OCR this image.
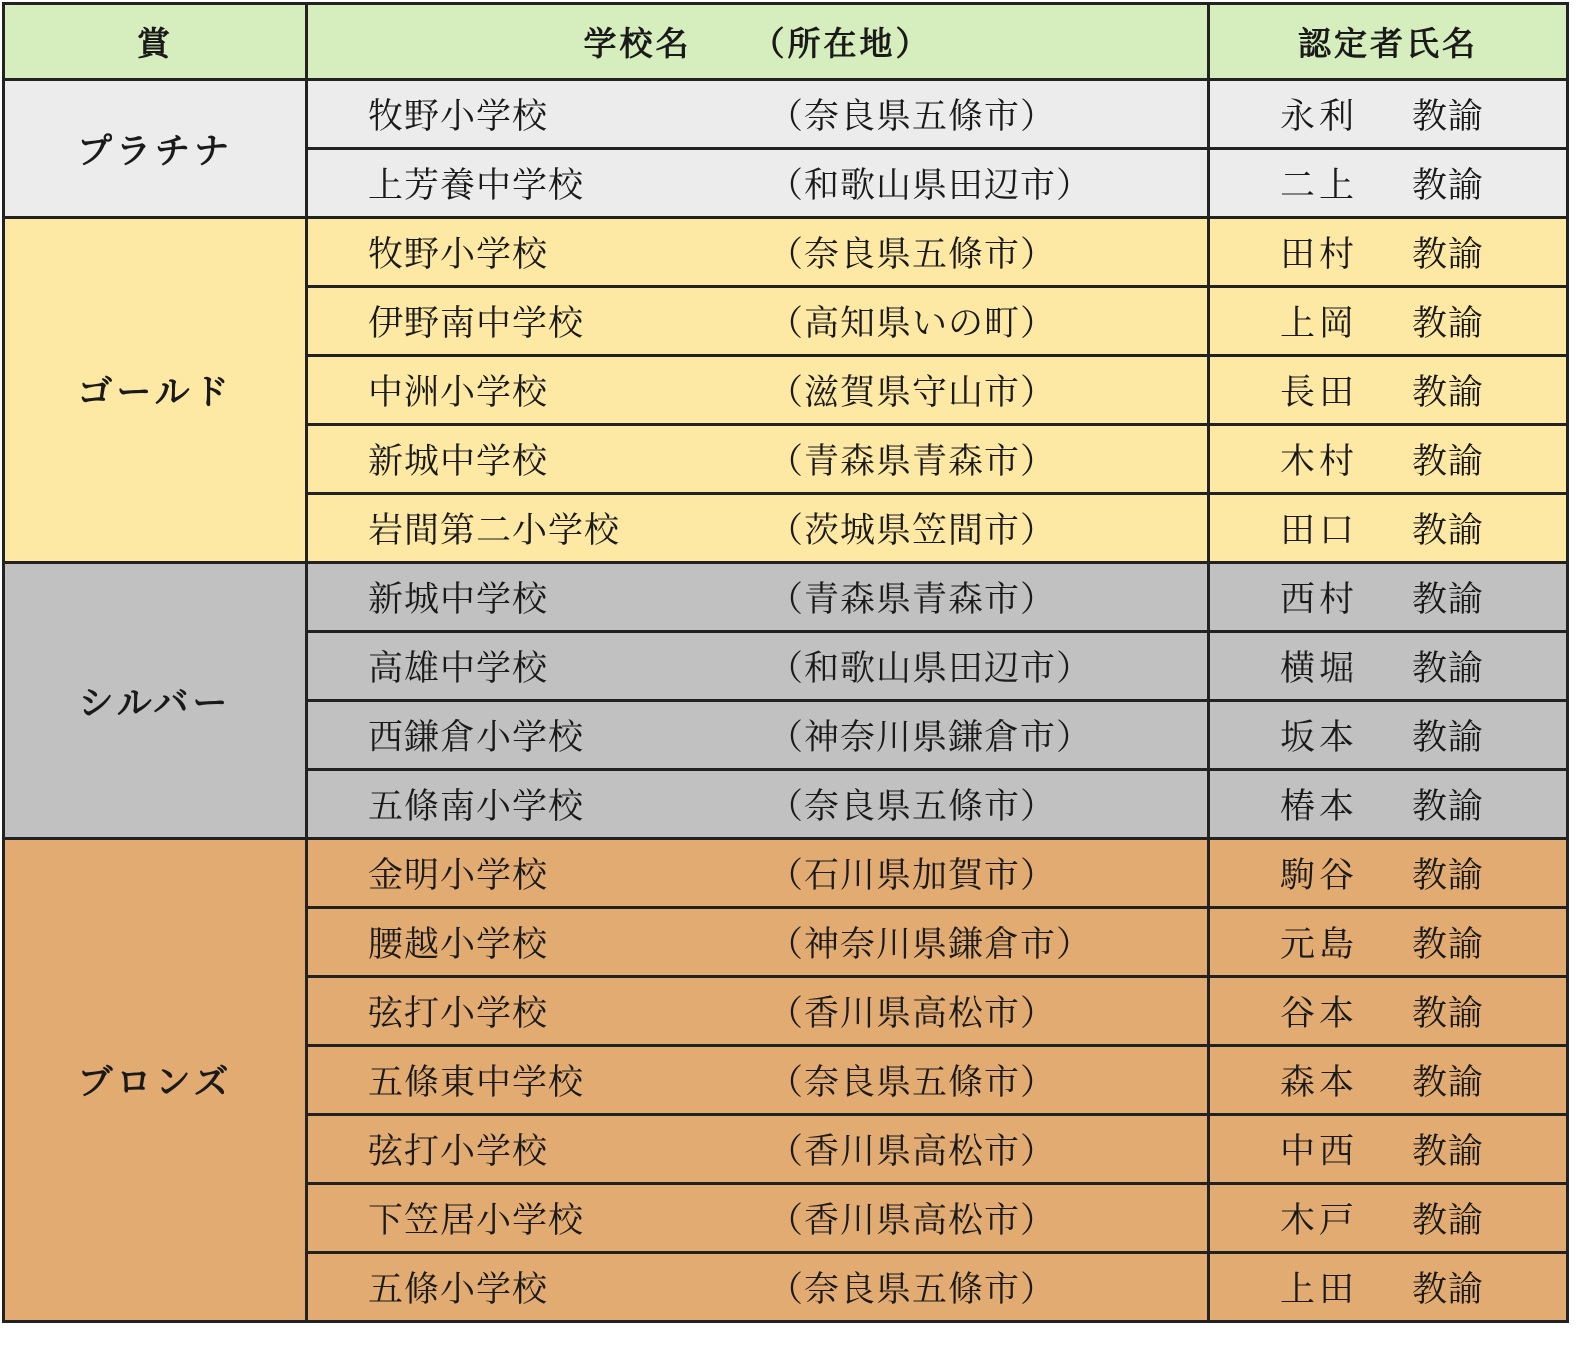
賞	学校名 （所在地）	認定者氏名
プラチナ	牧野小学校 （奈良県五條市）	永利 教諭
	上芳養中学校 （和歌山県田辺市）	二上 教諭
ゴールド	牧野小学校 （奈良県五條市）	田村 教諭
	伊野南中学校 （高知県いの町）	上岡 教諭
	中洲小学校 （滋賀県守山市）	長田 教諭
	新城中学校 （青森県青森市）	木村 教諭
	岩間第二小学校 （茨城県笠間市）	田口 教諭
シルバー	新城中学校 （青森県青森市）	西村 教諭
	高雄中学校 （和歌山県田辺市）	横堀 教諭
	西鎌倉小学校 （神奈川県鎌倉市）	坂本 教諭
	五條南小学校 （奈良県五條市）	椿本 教諭
ブロンズ	金明小学校 （石川県加賀市）	駒谷 教諭
	腰越小学校 （神奈川県鎌倉市）	元島 教諭
	弦打小学校 （香川県高松市）	谷本 教諭
	五條東中学校 （奈良県五條市）	森本 教諭
	弦打小学校 （香川県高松市）	中西 教諭
	下笠居小学校 （香川県高松市）	木戸 教諭
	五條小学校 （奈良県五條市）	上田 教諭
